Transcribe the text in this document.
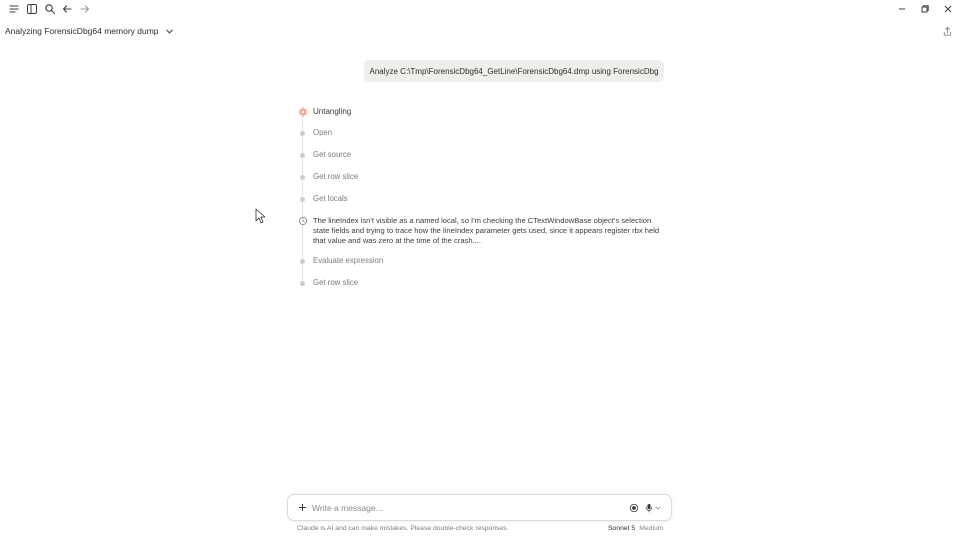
Analyzing ForensicDbg64 memory dump
Analyze C:\Tmp\ForensicDbg64_GetLine\ForensicDbg64.dmp using ForensicDbg
Untangling
Open
Get source
Get row slice
Get locals
The lineIndex isn't visible as a named local, so I'm checking the CTextWindowBase object's selection state fields and trying to trace how the lineIndex parameter gets used, since it appears register rbx held that value and was zero at the time of the crash....
Evaluate expression
Get row slice
Write a message...
Claude is AI and can make mistakes. Please double-check responses.	Sonnet 5 Medium
